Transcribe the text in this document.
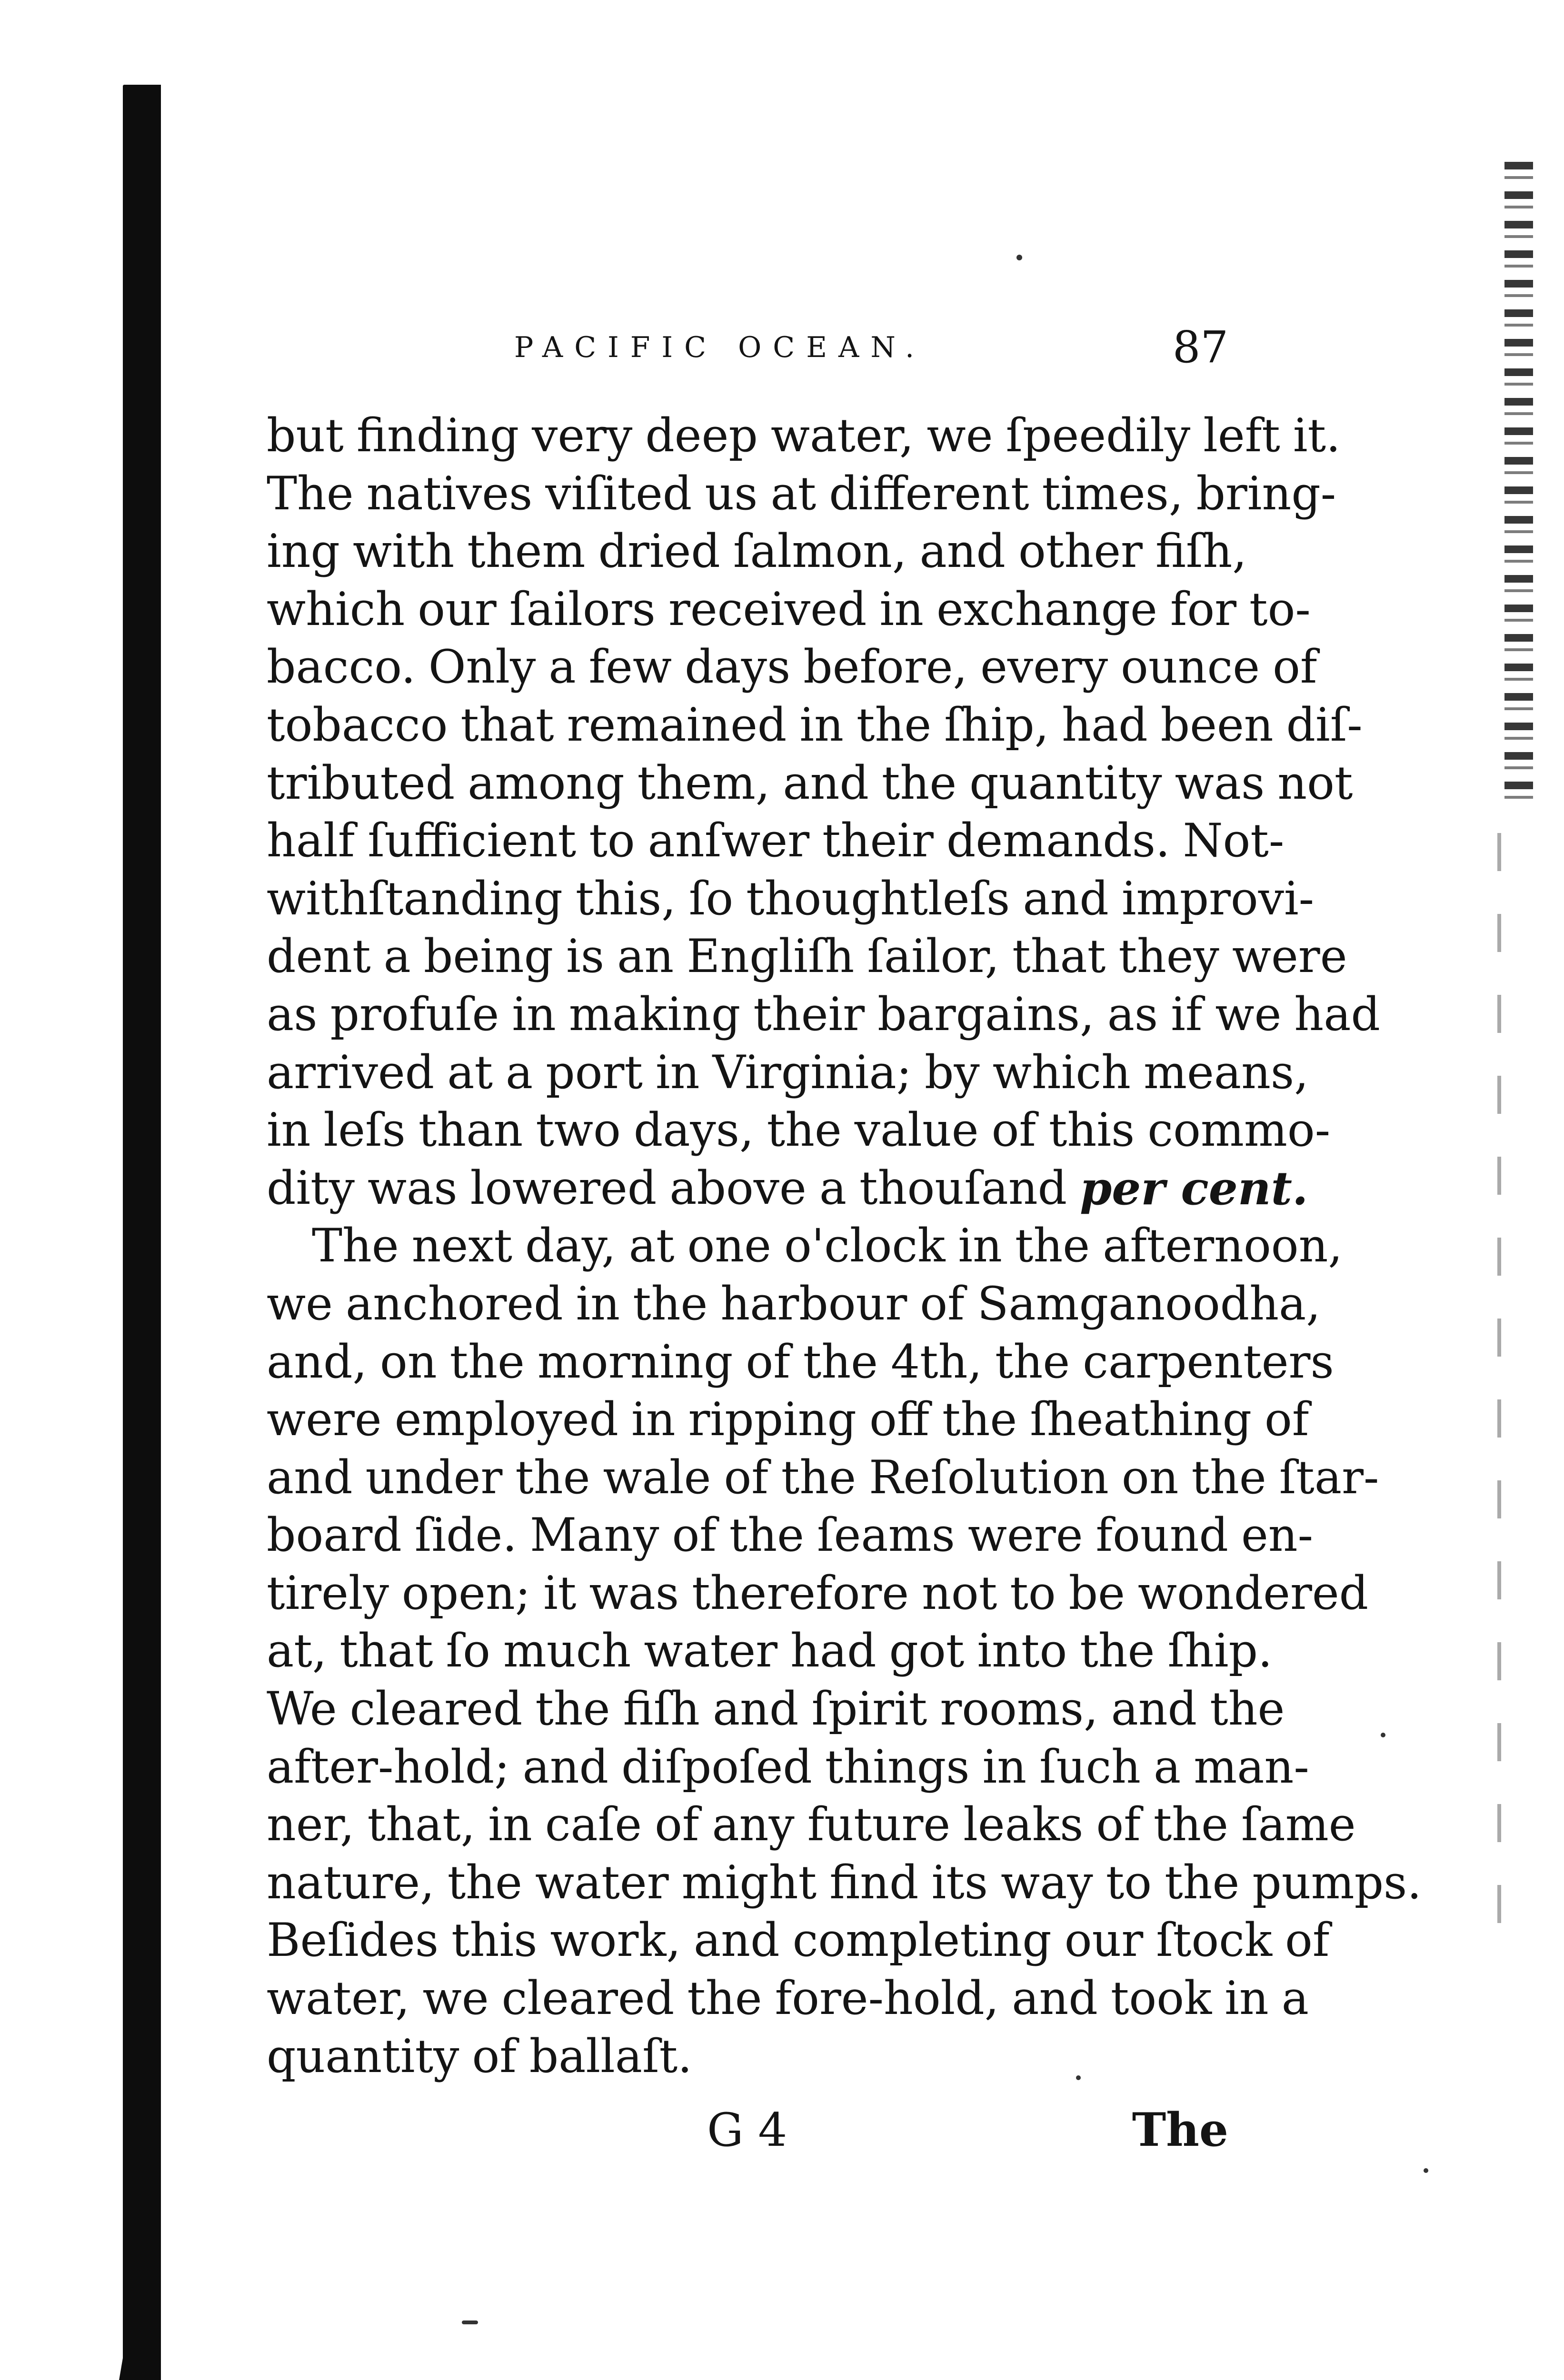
PACIFIC OCEAN.	87
but finding very deep water, we ſpeedily left it.
The natives viſited us at different times, bring-
ing with them dried ſalmon, and other fiſh,
which our ſailors received in exchange for to-
bacco. Only a few days before, every ounce of
tobacco that remained in the ſhip, had been diſ-
tributed among them, and the quantity was not
half ſufficient to anſwer their demands. Not-
withſtanding this, ſo thoughtleſs and improvi-
dent a being is an Engliſh ſailor, that they were
as profuſe in making their bargains, as if we had
arrived at a port in Virginia; by which means,
in leſs than two days, the value of this commo-
dity was lowered above a thouſand per cent.
The next day, at one o'clock in the afternoon,
we anchored in the harbour of Samganoodha,
and, on the morning of the 4th, the carpenters
were employed in ripping off the ſheathing of
and under the wale of the Reſolution on the ſtar-
board ſide. Many of the ſeams were found en-
tirely open; it was therefore not to be wondered
at, that ſo much water had got into the ſhip.
We cleared the fiſh and ſpirit rooms, and the
after-hold; and diſpoſed things in ſuch a man-
ner, that, in caſe of any future leaks of the ſame
nature, the water might find its way to the pumps.
Beſides this work, and completing our ſtock of
water, we cleared the fore-hold, and took in a
quantity of ballaſt.
G 4	The
